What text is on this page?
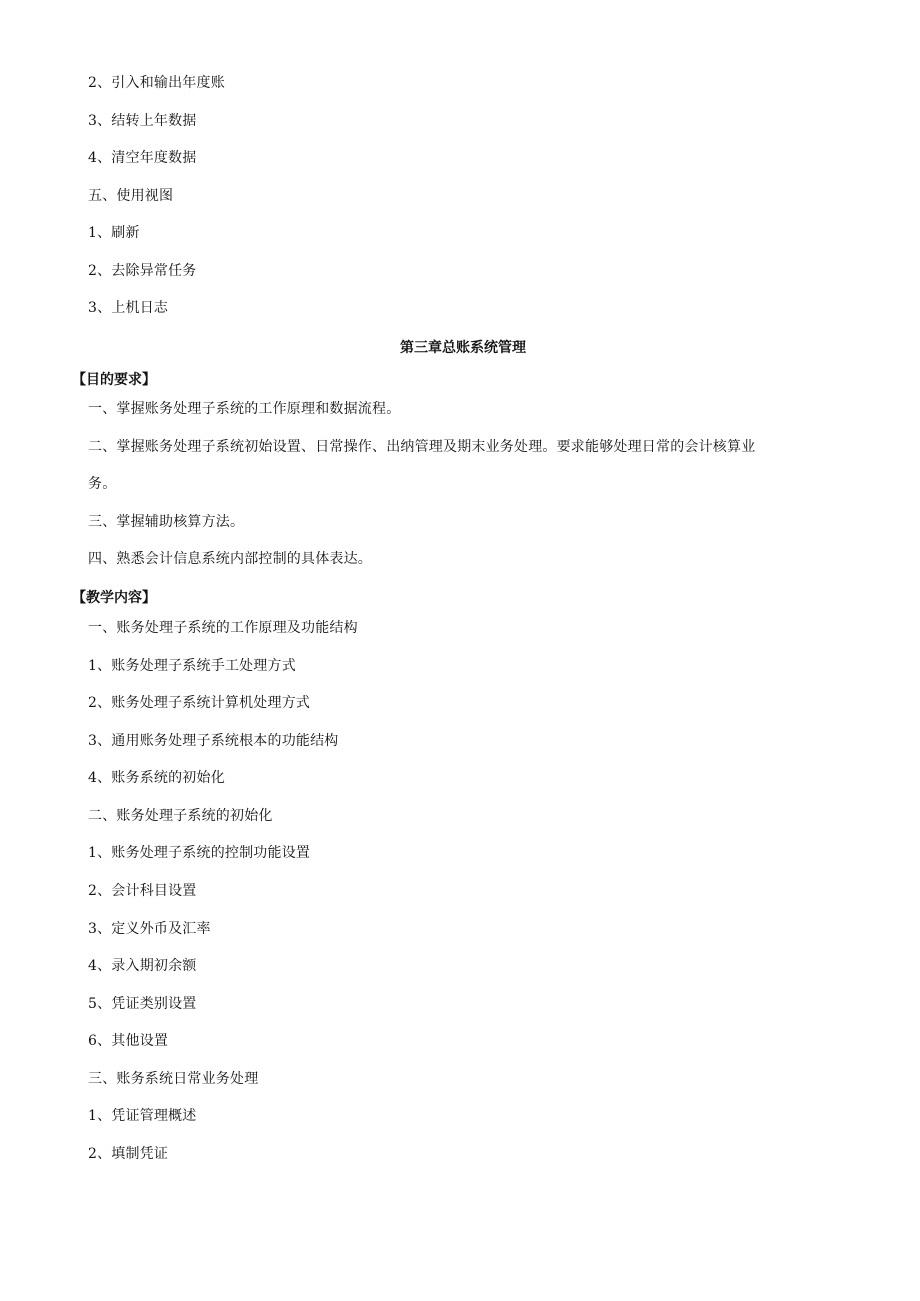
2、引入和输出年度账
3、结转上年数据
4、清空年度数据
五、使用视图
1、刷新
2、去除异常任务
3、上机日志
第三章总账系统管理
【目的要求】
一、掌握账务处理子系统的工作原理和数据流程。
二、掌握账务处理子系统初始设置、日常操作、出纳管理及期末业务处理。要求能够处理日常的会计核算业
务。
三、掌握辅助核算方法。
四、熟悉会计信息系统内部控制的具体表达。
【教学内容】
一、账务处理子系统的工作原理及功能结构
1、账务处理子系统手工处理方式
2、账务处理子系统计算机处理方式
3、通用账务处理子系统根本的功能结构
4、账务系统的初始化
二、账务处理子系统的初始化
1、账务处理子系统的控制功能设置
2、会计科目设置
3、定义外币及汇率
4、录入期初余额
5、凭证类别设置
6、其他设置
三、账务系统日常业务处理
1、凭证管理概述
2、填制凭证
